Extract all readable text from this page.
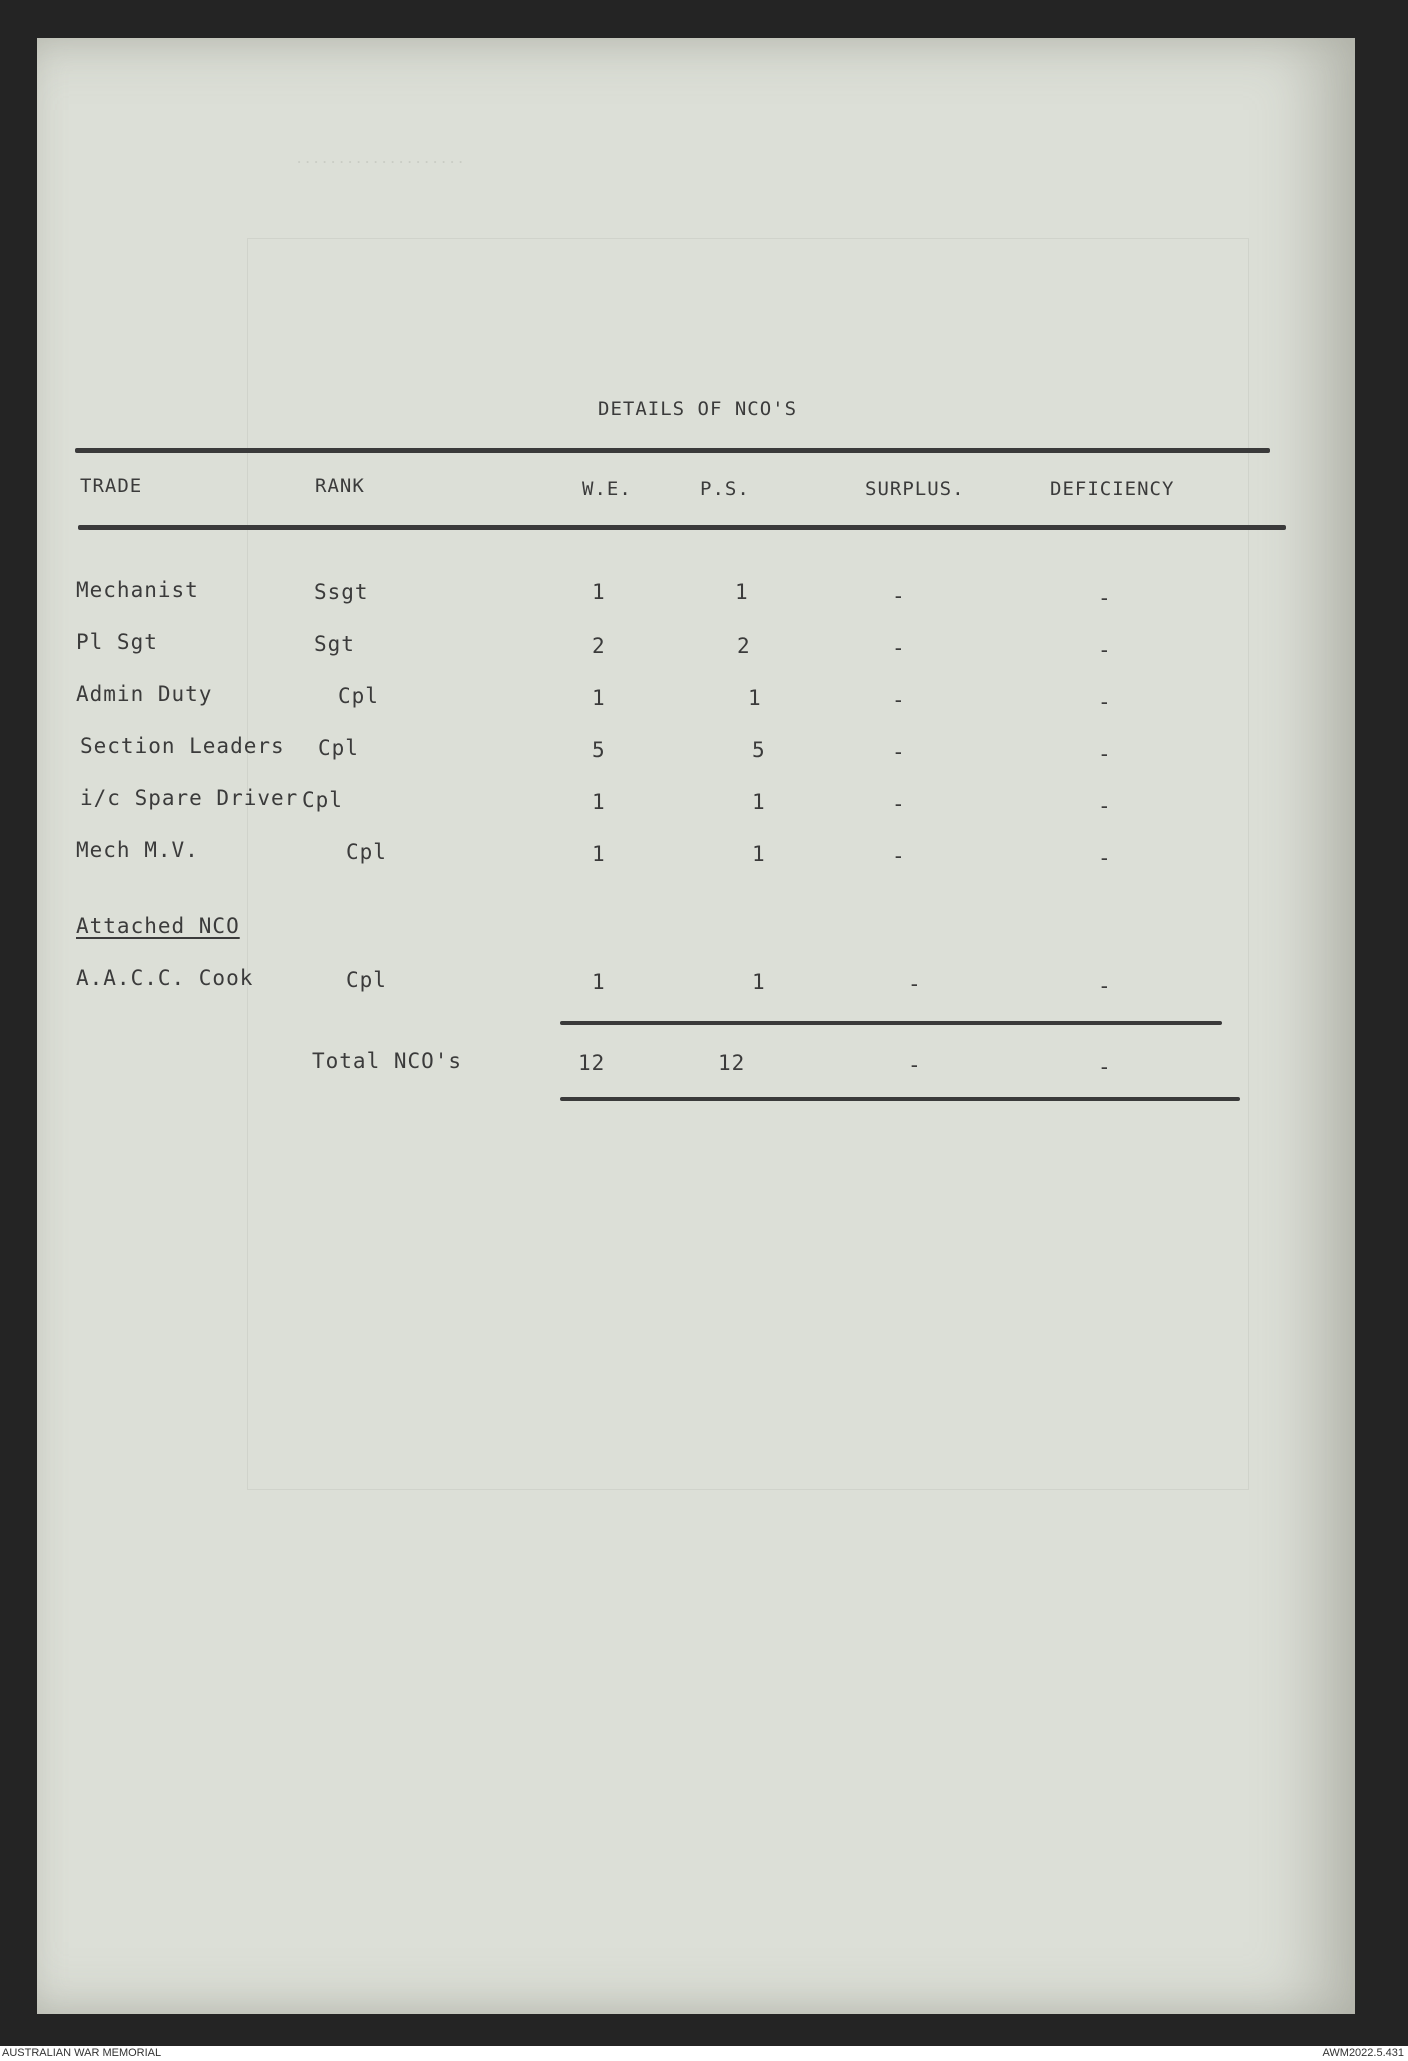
. . . . . . . . . . . . . . . . . . . .
DETAILS OF NCO'S
TRADE	RANK	W.E.	P.S.	SURPLUS.	DEFICIENCY
Mechanist	Ssgt	1	1	-	-
Pl Sgt	Sgt	2	2	-	-
Admin Duty	Cpl	1	1	-	-
Section Leaders Cpl	5	5	-	-
i/c Spare Driver Cpl	1	1	-	-
Mech M.V.	Cpl	1	1	-	-
Attached NCO
A.A.C.C. Cook	Cpl	1	1	-	-
Total NCO's	12	12	-	-
AUSTRALIAN WAR MEMORIAL	AWM2022.5.431
